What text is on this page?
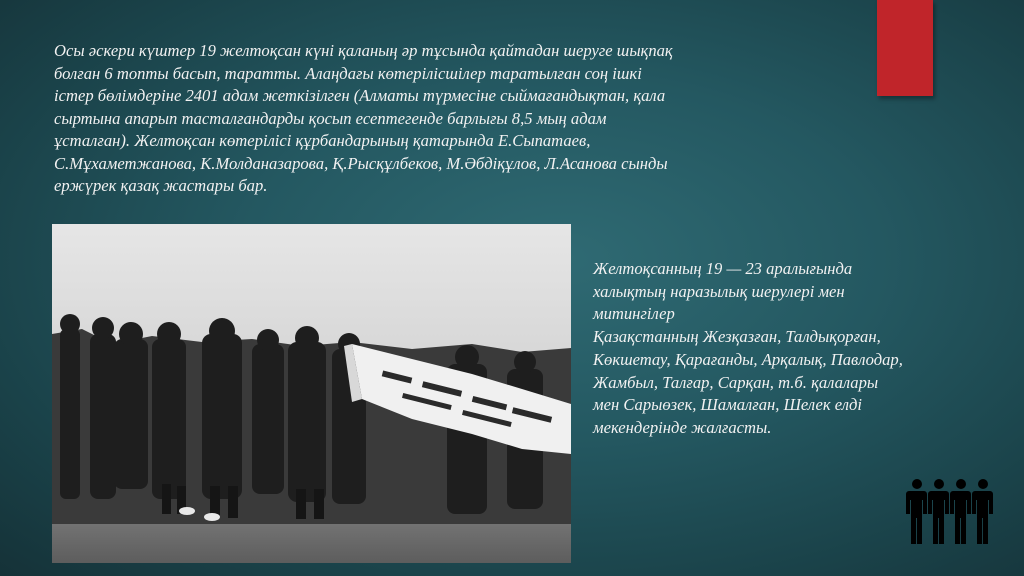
Осы әскери күштер 19 желтоқсан күні қаланың әр тұсында қайтадан шеруге шықпақ
болған 6 топты басып, таратты. Алаңдағы көтерілісшілер таратылған соң ішкі
істер бөлімдеріне 2401 адам жеткізілген (Алматы түрмесіне сыймағандықтан, қала
сыртына апарып тасталғандарды қосып есептегенде барлығы 8,5 мың адам
ұсталған). Желтоқсан көтерілісі құрбандарының қатарында Е.Сыпатаев,
С.Мұхаметжанова, К.Молданазарова, Қ.Рысқұлбеков, М.Әбдіқұлов, Л.Асанова сынды
ержүрек қазақ жастары бар.

Желтоқсанның 19 — 23 аралығында
халықтың наразылық шерулері мен
митингілер
Қазақстанның Жезқазған, Талдықорған,
Көкшетау, Қарағанды, Арқалық, Павлодар,
Жамбыл, Талғар, Сарқан, т.б. қалалары
мен Сарыөзек, Шамалған, Шелек елді
мекендерінде жалғасты.
